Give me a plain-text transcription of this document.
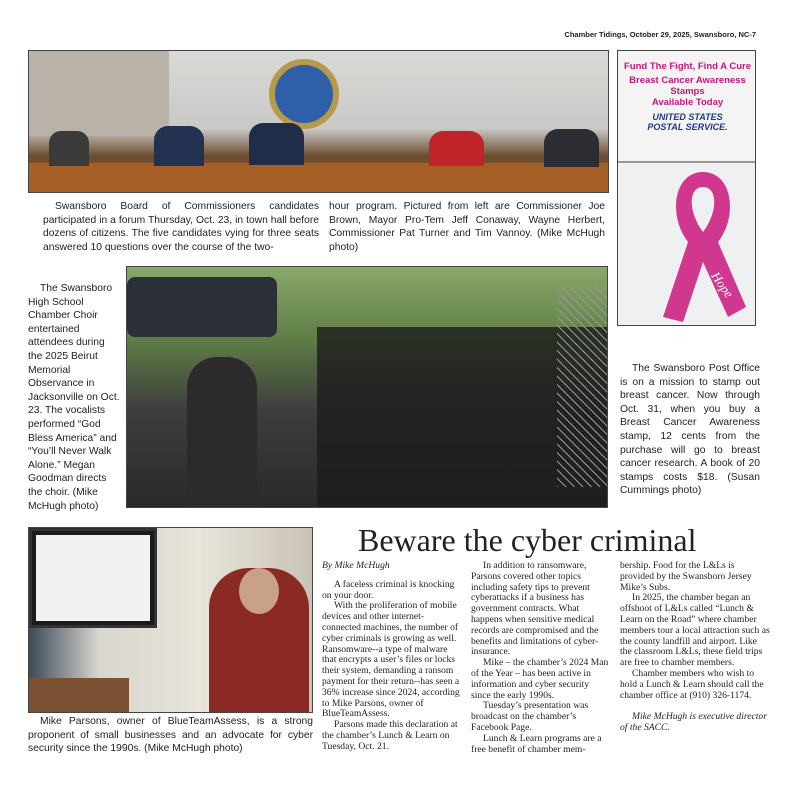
Chamber Tidings, October 29, 2025, Swansboro, NC-7

Swansboro Board of Commissioners candidates participated in a forum Thursday, Oct. 23, in town hall before dozens of citizens. The five candidates vying for three seats answered 10 questions over the course of the two-

hour program. Pictured from left are Commissioner Joe Brown, Mayor Pro-Tem Jeff Conaway, Wayne Herbert, Commissioner Pat Turner and Tim Vannoy. (Mike McHugh photo)

Fund The Fight, Find A Cure
Breast Cancer Awareness Stamps
Available Today
UNITED STATES POSTAL SERVICE.
Hope

The Swansboro Post Office is on a mission to stamp out breast cancer. Now through Oct. 31, when you buy a Breast Cancer Awareness stamp, 12 cents from the purchase will go to breast cancer research. A book of 20 stamps costs $18. (Susan Cummings photo)

The Swansboro High School Chamber Choir entertained attendees during the 2025 Beirut Memorial Observance in Jacksonville on Oct. 23. The vocalists performed “God Bless America” and “You’ll Never Walk Alone.” Megan Goodman directs the choir. (Mike McHugh photo)

Mike Parsons, owner of BlueTeamAssess, is a strong proponent of small businesses and an advocate for cyber security since the 1990s. (Mike McHugh photo)

Beware the cyber criminal

By Mike McHugh

A faceless criminal is knocking on your door.

With the proliferation of mobile devices and other internet-connected machines, the number of cyber criminals is growing as well. Ransomware--a type of malware that encrypts a user’s files or locks their system, demanding a ransom payment for their return--has seen a 36% increase since 2024, according to Mike Parsons, owner of BlueTeamAssess.

Parsons made this declaration at the chamber’s Lunch & Learn on Tuesday, Oct. 21.

In addition to ransomware, Parsons covered other topics including safety tips to prevent cyberattacks if a business has government contracts. What happens when sensitive medical records are compromised and the benefits and limitations of cyber-insurance.

Mike – the chamber’s 2024 Man of the Year – has been active in information and cyber security since the early 1990s.

Tuesday’s presentation was broadcast on the chamber’s Facebook Page.

Lunch & Learn programs are a free benefit of chamber mem-

bership. Food for the L&Ls is provided by the Swansboro Jersey Mike’s Subs.

In 2025, the chamber began an offshoot of L&Ls called “Lunch & Learn on the Road” where chamber members tour a local attraction such as the county landfill and airport. Like the classroom L&Ls, these field trips are free to chamber members.

Chamber members who wish to hold a Lunch & Learn should call the chamber office at (910) 326-1174.

Mike McHugh is executive director of the SACC.
